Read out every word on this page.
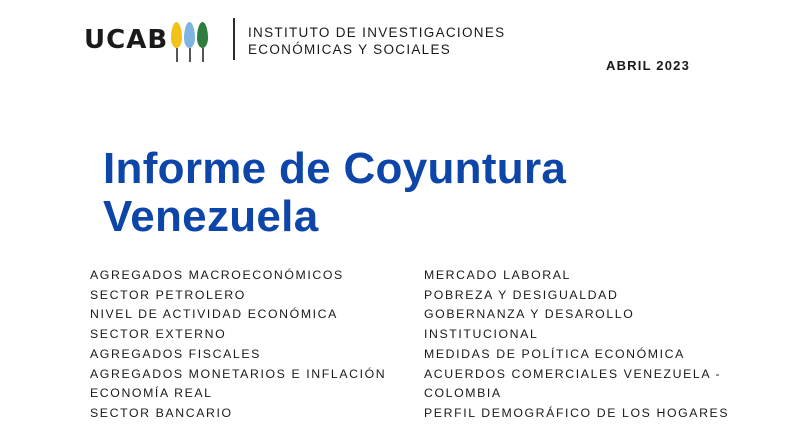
UCAB	INSTITUTO DE INVESTIGACIONES
ECONÓMICAS Y SOCIALES
ABRIL 2023
Informe de Coyuntura
Venezuela
AGREGADOS MACROECONÓMICOS
SECTOR PETROLERO
NIVEL DE ACTIVIDAD ECONÓMICA
SECTOR EXTERNO
AGREGADOS FISCALES
AGREGADOS MONETARIOS E INFLACIÓN
ECONOMÍA REAL
SECTOR BANCARIO
MERCADO LABORAL
POBREZA Y DESIGUALDAD
GOBERNANZA Y DESAROLLO
INSTITUCIONAL
MEDIDAS DE POLÍTICA ECONÓMICA
ACUERDOS COMERCIALES VENEZUELA -
COLOMBIA
PERFIL DEMOGRÁFICO DE LOS HOGARES
